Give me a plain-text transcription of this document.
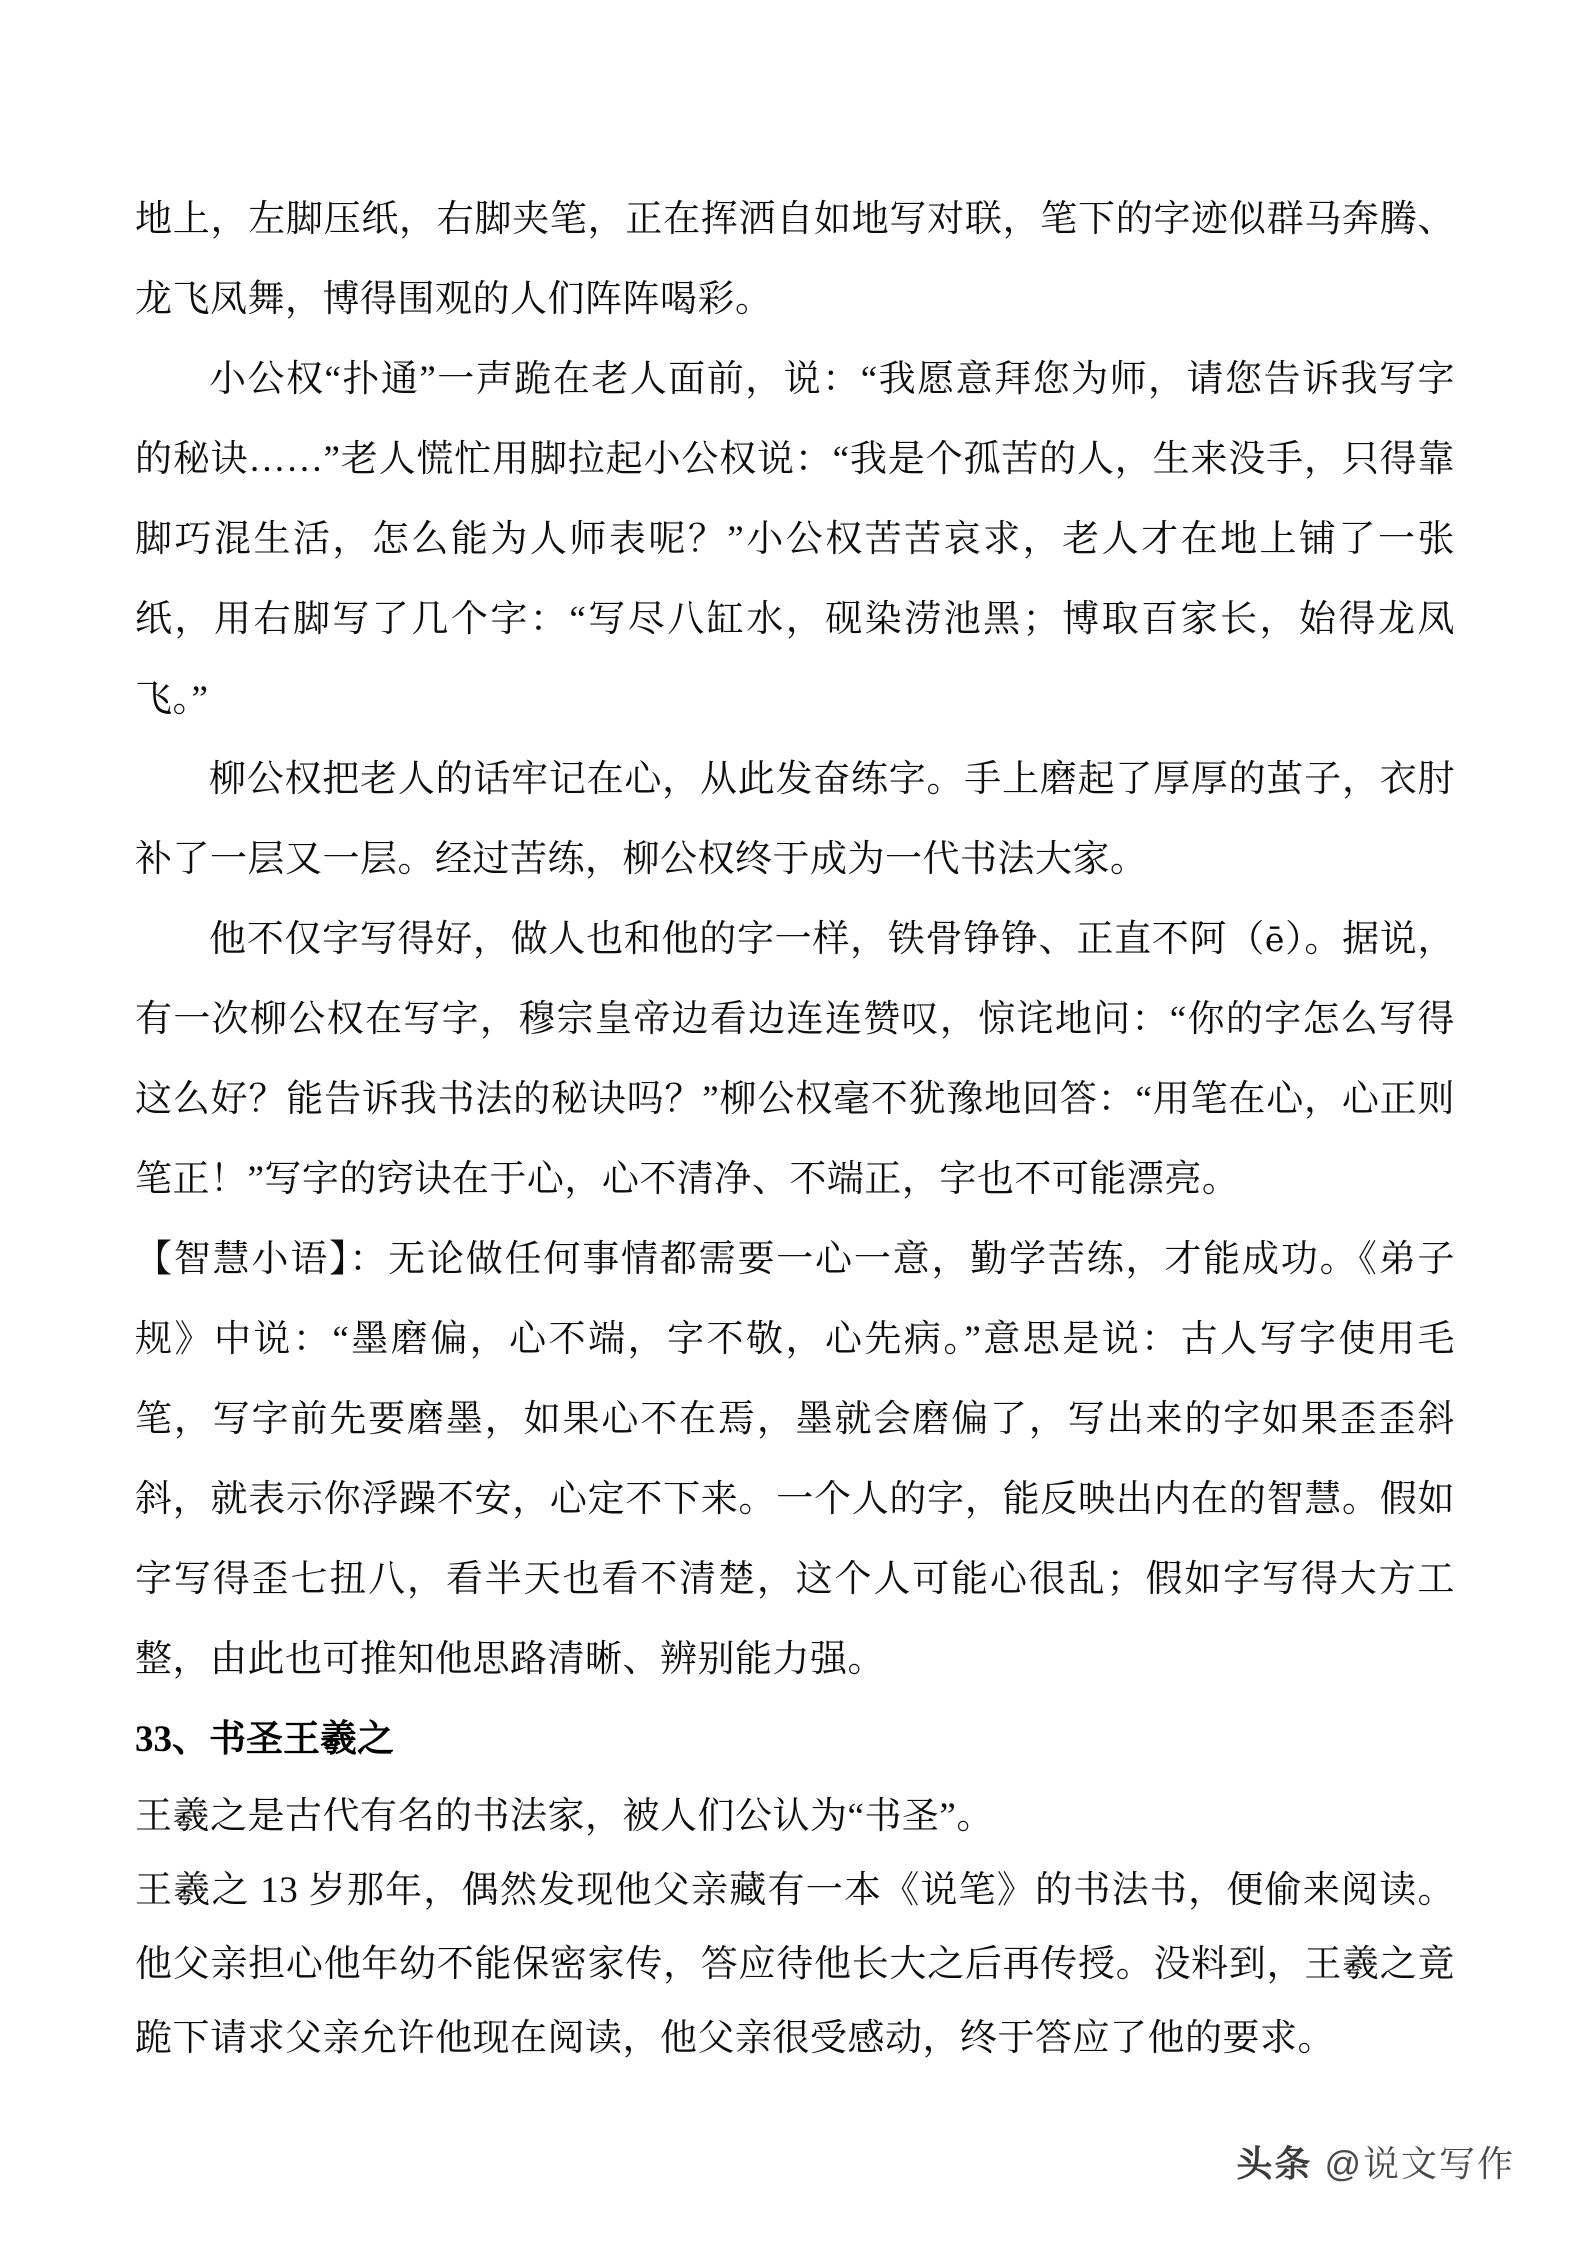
地上，左脚压纸，右脚夹笔，正在挥洒自如地写对联，笔下的字迹似群马奔腾、龙飞凤舞，博得围观的人们阵阵喝彩。

小公权“扑通”一声跪在老人面前，说：“我愿意拜您为师，请您告诉我写字的秘诀……”老人慌忙用脚拉起小公权说：“我是个孤苦的人，生来没手，只得靠脚巧混生活，怎么能为人师表呢？”小公权苦苦哀求，老人才在地上铺了一张纸，用右脚写了几个字：“写尽八缸水，砚染涝池黑；博取百家长，始得龙凤飞。”

柳公权把老人的话牢记在心，从此发奋练字。手上磨起了厚厚的茧子，衣肘补了一层又一层。经过苦练，柳公权终于成为一代书法大家。

他不仅字写得好，做人也和他的字一样，铁骨铮铮、正直不阿（ē）。据说，有一次柳公权在写字，穆宗皇帝边看边连连赞叹，惊诧地问：“你的字怎么写得这么好？能告诉我书法的秘诀吗？”柳公权毫不犹豫地回答：“用笔在心，心正则笔正！”写字的窍诀在于心，心不清净、不端正，字也不可能漂亮。

【智慧小语】：无论做任何事情都需要一心一意，勤学苦练，才能成功。《弟子规》中说：“墨磨偏，心不端，字不敬，心先病。”意思是说：古人写字使用毛笔，写字前先要磨墨，如果心不在焉，墨就会磨偏了，写出来的字如果歪歪斜斜，就表示你浮躁不安，心定不下来。一个人的字，能反映出内在的智慧。假如字写得歪七扭八，看半天也看不清楚，这个人可能心很乱；假如字写得大方工整，由此也可推知他思路清晰、辨别能力强。

33、书圣王羲之

王羲之是古代有名的书法家，被人们公认为“书圣”。

王羲之 13 岁那年，偶然发现他父亲藏有一本《说笔》的书法书，便偷来阅读。他父亲担心他年幼不能保密家传，答应待他长大之后再传授。没料到，王羲之竟跪下请求父亲允许他现在阅读，他父亲很受感动，终于答应了他的要求。

头条 @说文写作
